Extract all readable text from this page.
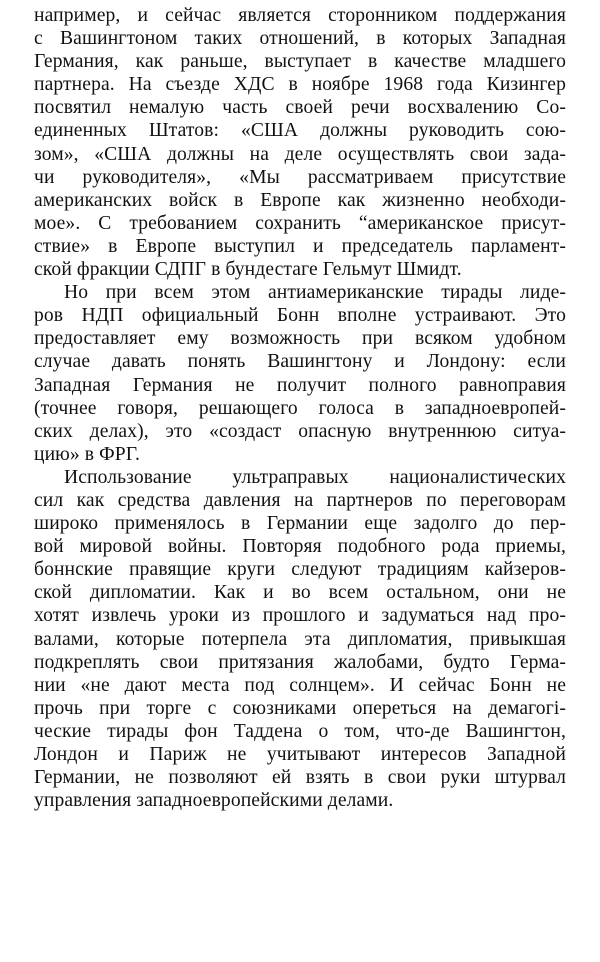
например, и сейчас является сторонником поддержания
с Вашингтоном таких отношений, в которых Западная
Германия, как раньше, выступает в качестве младшего
партнера. На съезде ХДС в ноябре 1968 года Кизингер
посвятил немалую часть своей речи восхвалению Со-
единенных Штатов: «США должны руководить сою-
зом», «США должны на деле осуществлять свои зада-
чи руководителя», «Мы рассматриваем присутствие
американских войск в Европе как жизненно необходи-
мое». С требованием сохранить “американское присут-
ствие» в Европе выступил и председатель парламент-
ской фракции СДПГ в бундестаге Гельмут Шмидт.
Но при всем этом антиамериканские тирады лиде-
ров НДП официальный Бонн вполне устраивают. Это
предоставляет ему возможность при всяком удобном
случае давать понять Вашингтону и Лондону: если
Западная Германия не получит полного равноправия
(точнее говоря, решающего голоса в западноевропей-
ских делах), это «создаст опасную внутреннюю ситуа-
цию» в ФРГ.
Использование ультраправых националистических
сил как средства давления на партнеров по переговорам
широко применялось в Германии еще задолго до пер-
вой мировой войны. Повторяя подобного рода приемы,
боннские правящие круги следуют традициям кайзеров-
ской дипломатии. Как и во всем остальном, они не
хотят извлечь уроки из прошлого и задуматься над про-
валами, которые потерпела эта дипломатия, привыкшая
подкреплять свои притязания жалобами, будто Герма-
нии «не дают места под солнцем». И сейчас Бонн не
прочь при торге с союзниками опереться на демагогі-
ческие тирады фон Таддена о том, что-де Вашингтон,
Лондон и Париж не учитывают интересов Западной
Германии, не позволяют ей взять в свои руки штурвал
управления западноевропейскими делами.
